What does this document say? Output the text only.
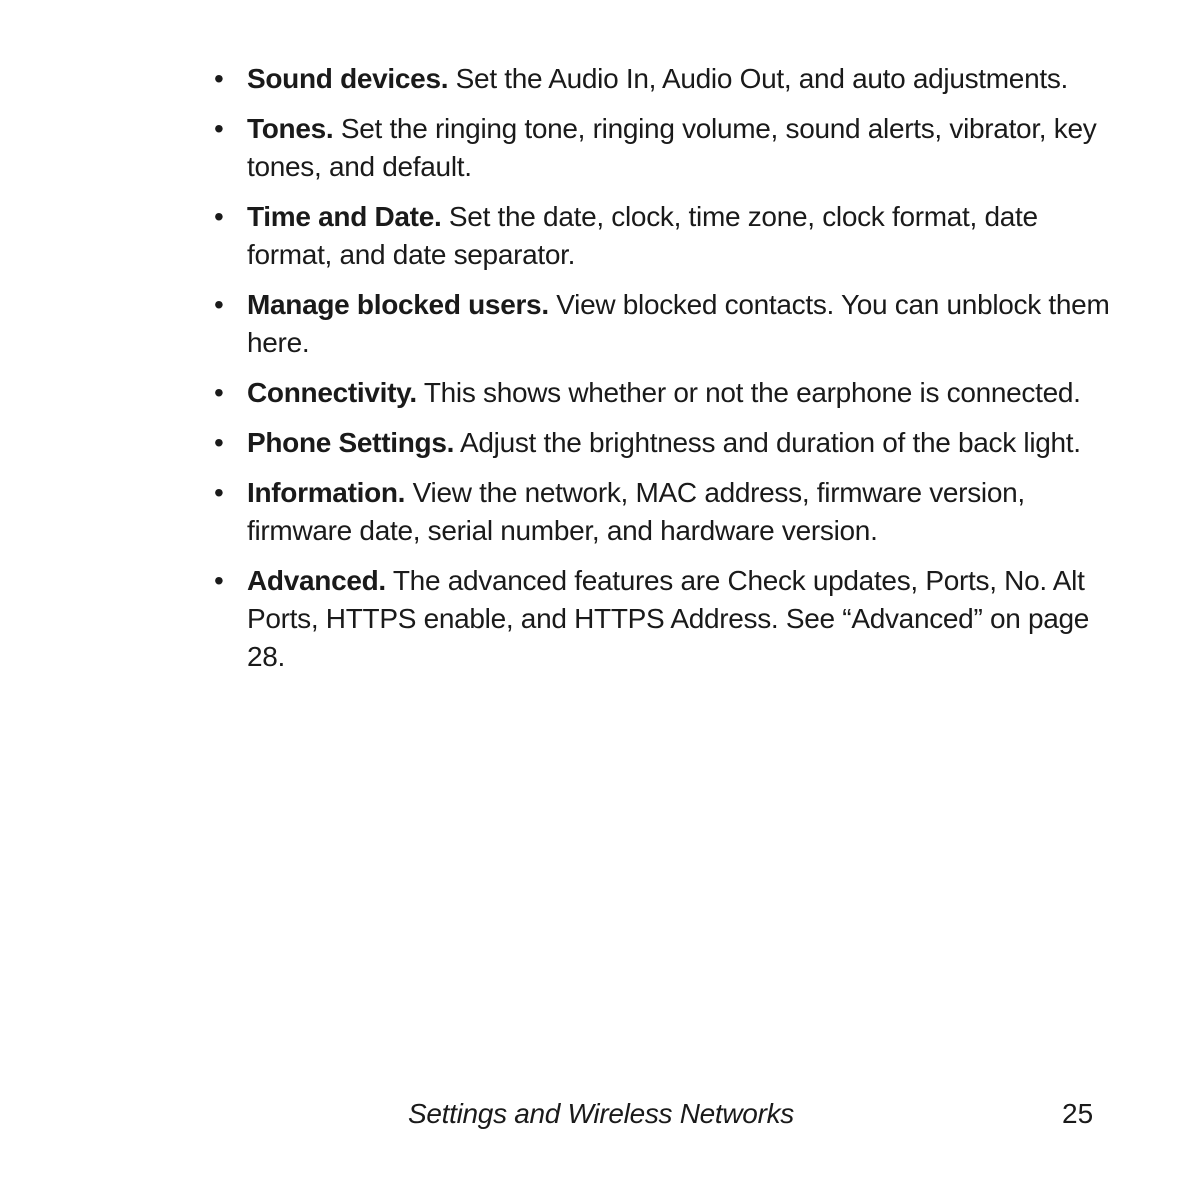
• Sound devices. Set the Audio In, Audio Out, and auto adjustments.
• Tones. Set the ringing tone, ringing volume, sound alerts, vibrator, key tones, and default.
• Time and Date. Set the date, clock, time zone, clock format, date format, and date separator.
• Manage blocked users. View blocked contacts. You can unblock them here.
• Connectivity. This shows whether or not the earphone is connected.
• Phone Settings. Adjust the brightness and duration of the back light.
• Information. View the network, MAC address, firmware version, firmware date, serial number, and hardware version.
• Advanced. The advanced features are Check updates, Ports, No. Alt Ports, HTTPS enable, and HTTPS Address. See “Advanced” on page 28.
Settings and Wireless Networks	25
